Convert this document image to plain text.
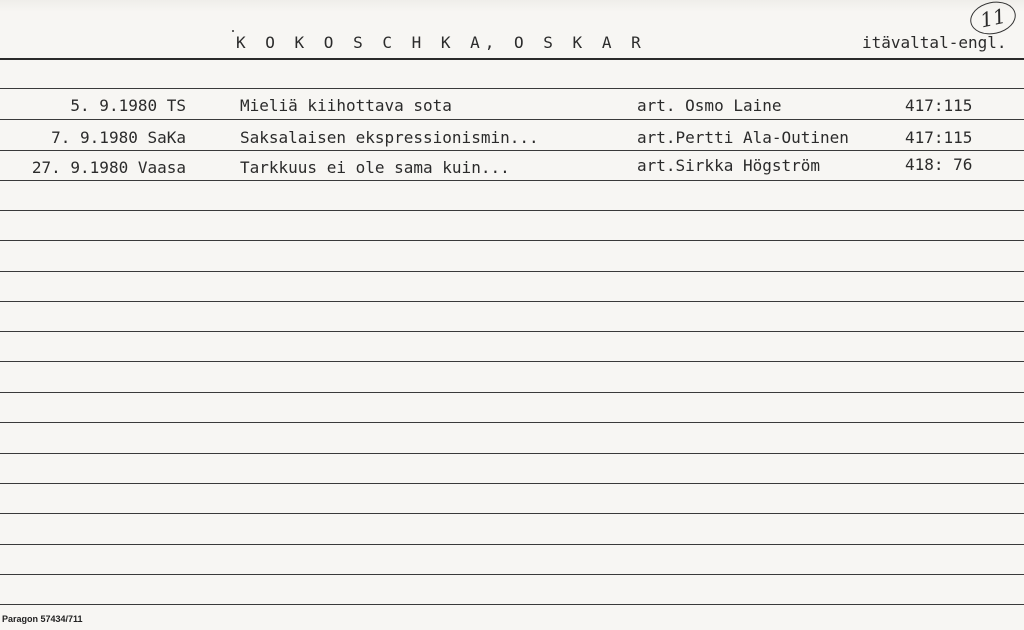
K O K O S C H K A, O S K A R	itävaltal-engl.
11
5. 9.1980 TS	Mieliä kiihottava sota	art. Osmo Laine	417:115
7. 9.1980 SaKa	Saksalaisen ekspressionismin...	art.Pertti Ala-Outinen	417:115
27. 9.1980 Vaasa	Tarkkuus ei ole sama kuin...	art.Sirkka Högström	418: 76
Paragon 57434/711
